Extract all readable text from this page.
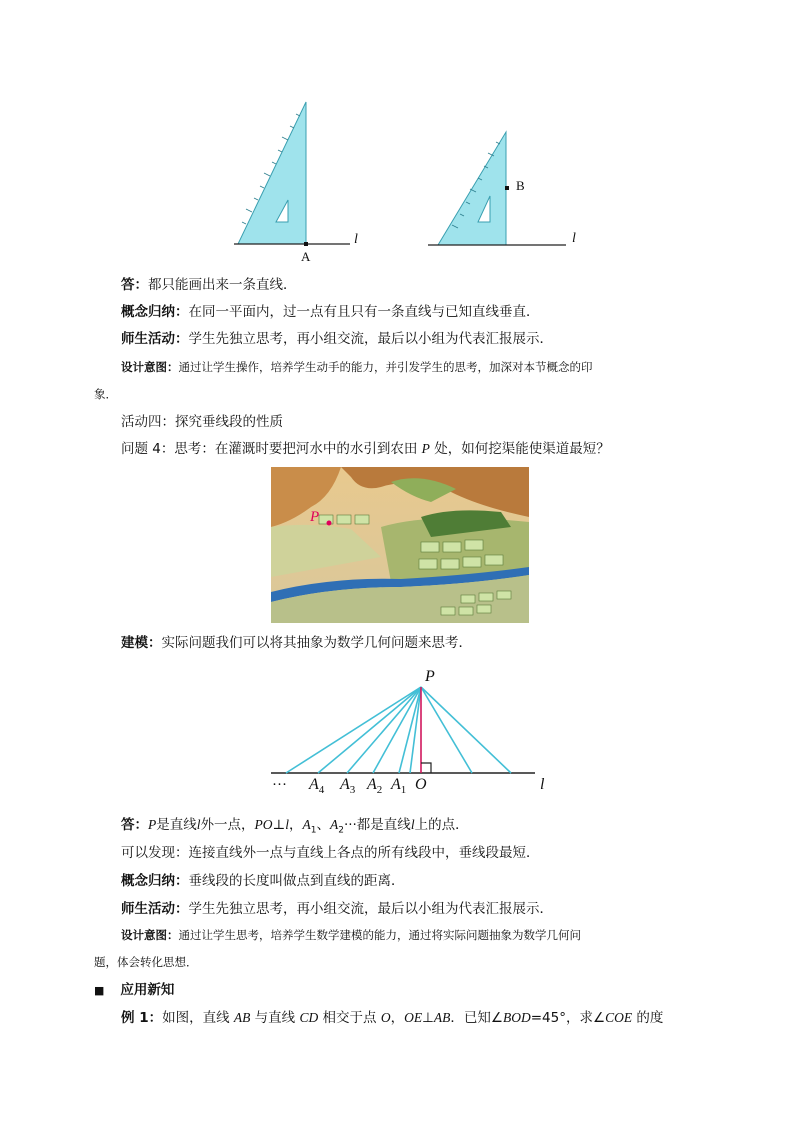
A
l
B
l
答：都只能画出来一条直线．
概念归纳：在同一平面内，过一点有且只有一条直线与已知直线垂直．
师生活动：学生先独立思考，再小组交流，最后以小组为代表汇报展示．
设计意图：通过让学生操作，培养学生动手的能力，并引发学生的思考，加深对本节概念的印
象．
活动四：探究垂线段的性质
问题 4：思考：在灌溉时要把河水中的水引到农田 P 处，如何挖渠能使渠道最短？
P
建模：实际问题我们可以将其抽象为数学几何问题来思考．
P
··· $A_4$ $A_3$ $A_2$ $A_1$ O	l
答：P是直线l外一点，PO⊥l，$A_1$、$A_2\cdot\cdot\cdot$都是直线l上的点．
可以发现：连接直线外一点与直线上各点的所有线段中，垂线段最短．
概念归纳：垂线段的长度叫做点到直线的距离．
师生活动：学生先独立思考，再小组交流，最后以小组为代表汇报展示．
设计意图：通过让学生思考，培养学生数学建模的能力，通过将实际问题抽象为数学几何问
题，体会转化思想．
■ 应用新知
例 1：如图，直线 AB 与直线 CD 相交于点 O，OE⊥AB．已知∠BOD=45°，求∠COE 的度
